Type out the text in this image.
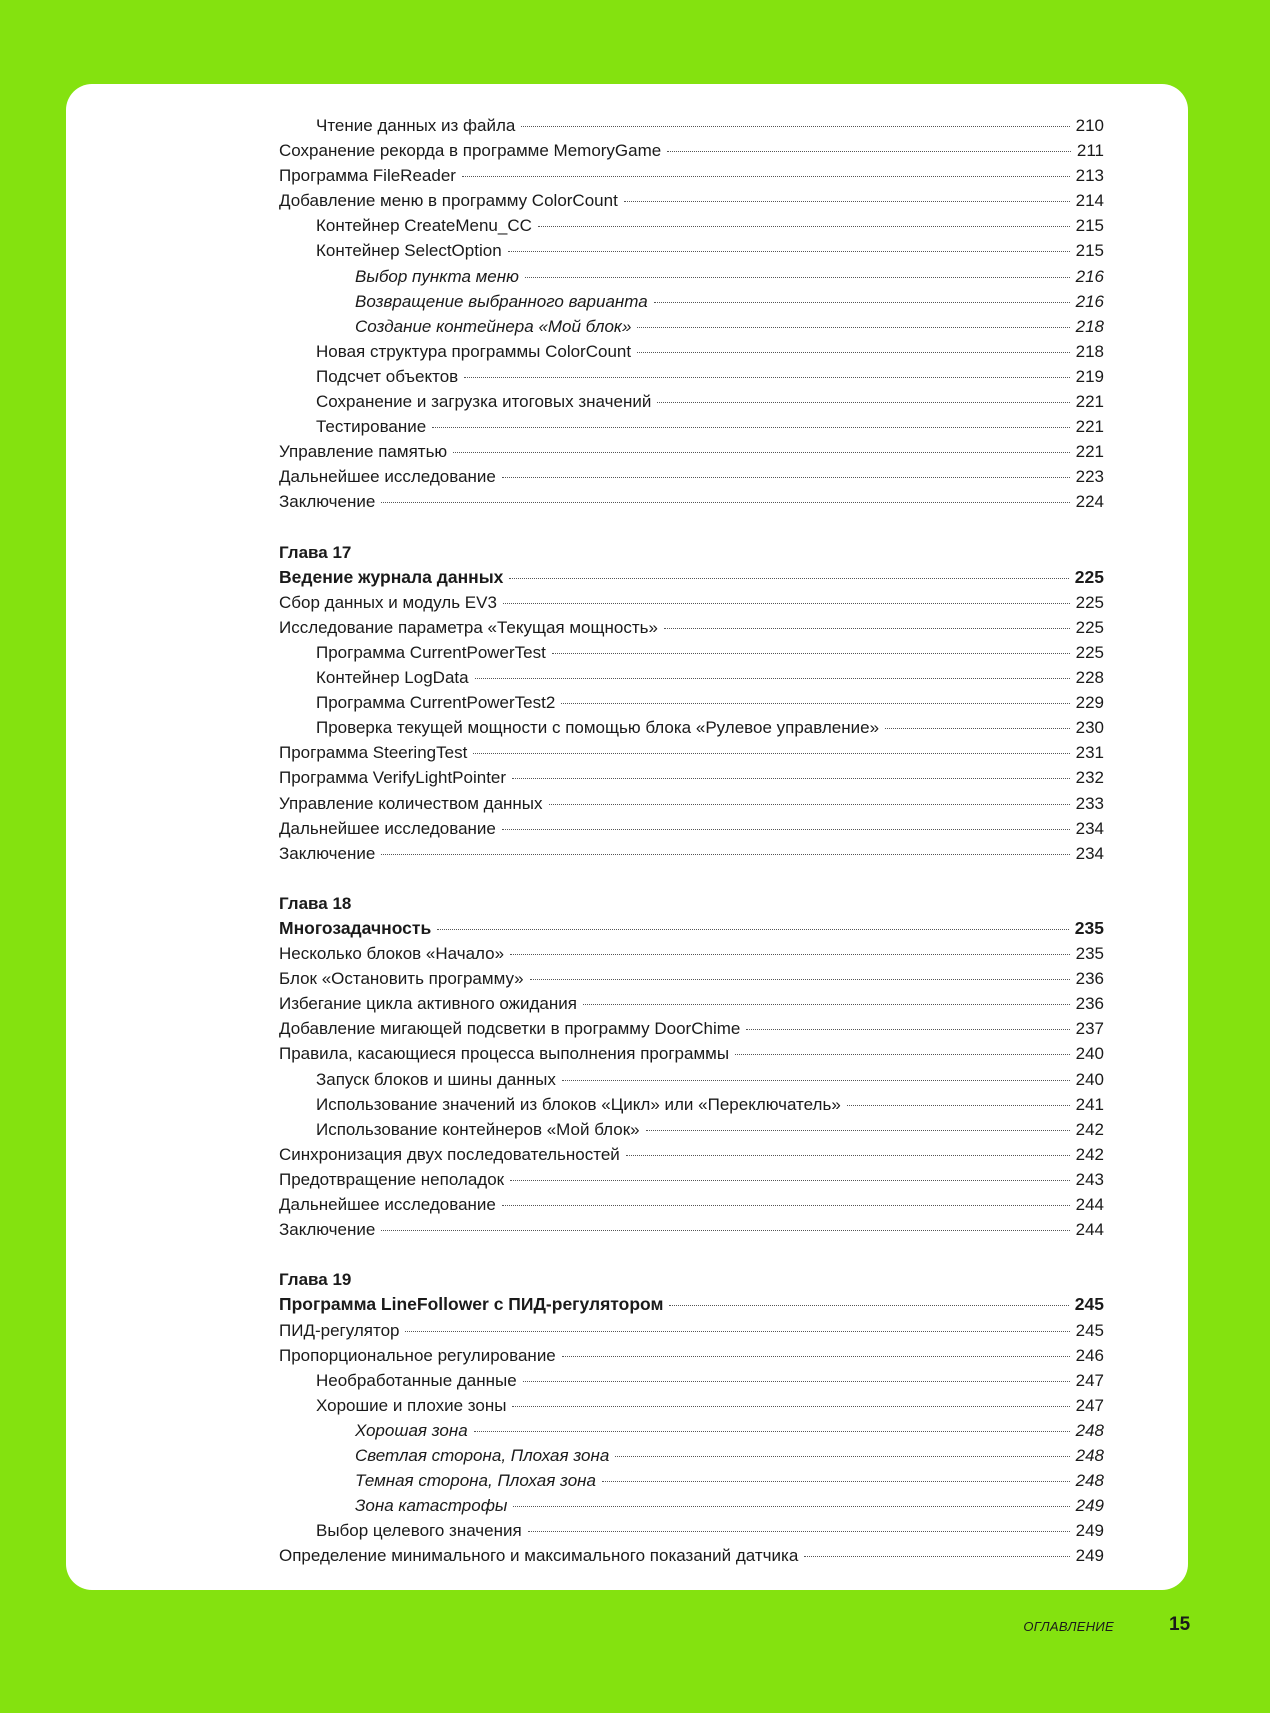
Чтение данных из файла	210
Сохранение рекорда в программе MemoryGame	211
Программа FileReader	213
Добавление меню в программу ColorCount	214
Контейнер CreateMenu_CC	215
Контейнер SelectOption	215
Выбор пункта меню	216
Возвращение выбранного варианта	216
Создание контейнера «Мой блок»	218
Новая структура программы ColorCount	218
Подсчет объектов	219
Сохранение и загрузка итоговых значений	221
Тестирование	221
Управление памятью	221
Дальнейшее исследование	223
Заключение	224
Глава 17
Ведение журнала данных	225
Сбор данных и модуль EV3	225
Исследование параметра «Текущая мощность»	225
Программа CurrentPowerTest	225
Контейнер LogData	228
Программа CurrentPowerTest2	229
Проверка текущей мощности с помощью блока «Рулевое управление»	230
Программа SteeringTest	231
Программа VerifyLightPointer	232
Управление количеством данных	233
Дальнейшее исследование	234
Заключение	234
Глава 18
Многозадачность	235
Несколько блоков «Начало»	235
Блок «Остановить программу»	236
Избегание цикла активного ожидания	236
Добавление мигающей подсветки в программу DoorChime	237
Правила, касающиеся процесса выполнения программы	240
Запуск блоков и шины данных	240
Использование значений из блоков «Цикл» или «Переключатель»	241
Использование контейнеров «Мой блок»	242
Синхронизация двух последовательностей	242
Предотвращение неполадок	243
Дальнейшее исследование	244
Заключение	244
Глава 19
Программа LineFollower с ПИД-регулятором	245
ПИД-регулятор	245
Пропорциональное регулирование	246
Необработанные данные	247
Хорошие и плохие зоны	247
Хорошая зона	248
Светлая сторона, Плохая зона	248
Темная сторона, Плохая зона	248
Зона катастрофы	249
Выбор целевого значения	249
Определение минимального и максимального показаний датчика	249
ОГЛАВЛЕНИЕ	15
